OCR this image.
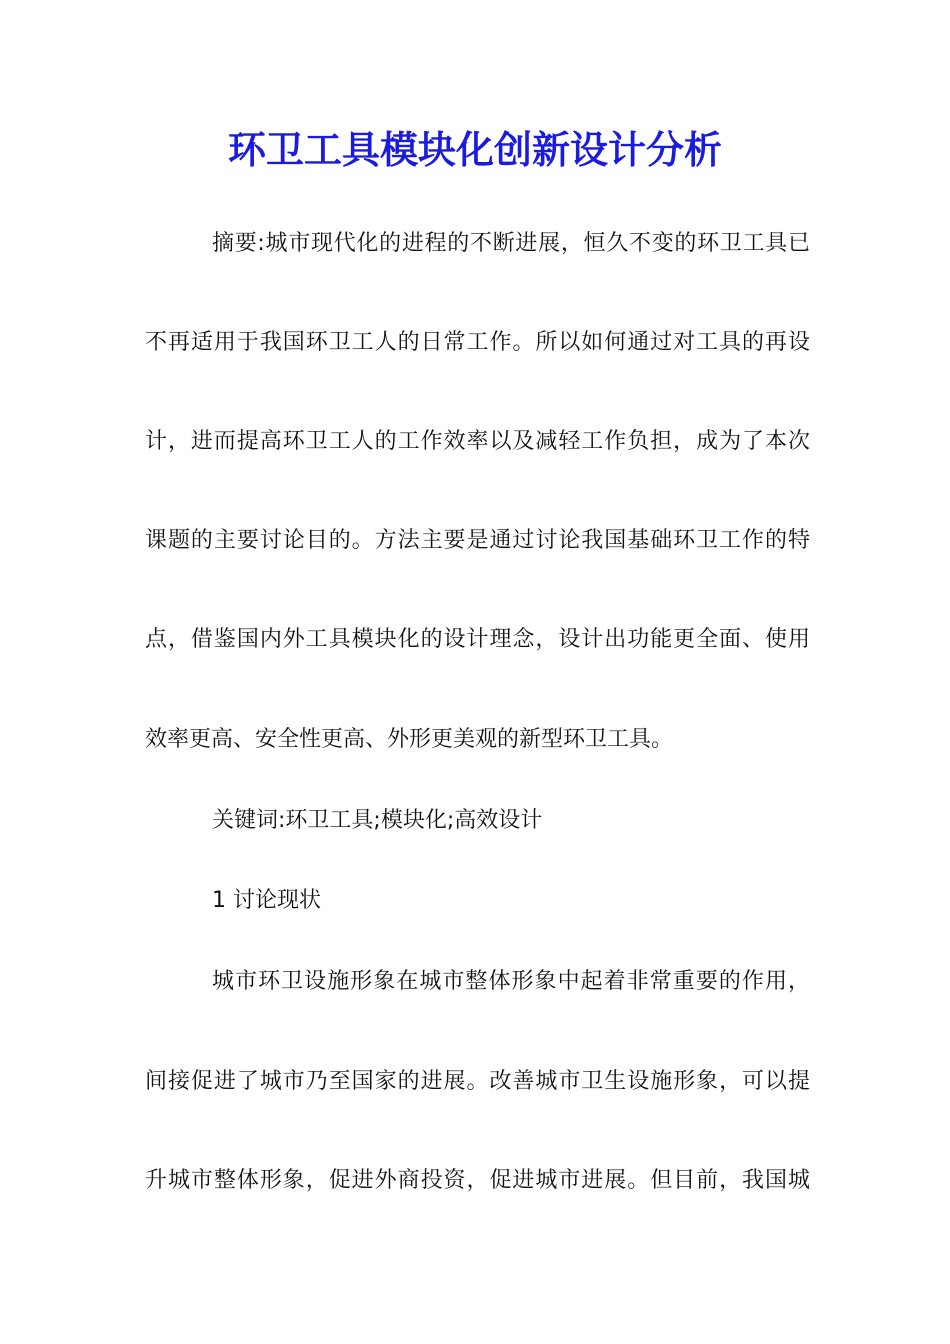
环卫工具模块化创新设计分析

摘要:城市现代化的进程的不断进展，恒久不变的环卫工具已

不再适用于我国环卫工人的日常工作。所以如何通过对工具的再设

计，进而提高环卫工人的工作效率以及减轻工作负担，成为了本次

课题的主要讨论目的。方法主要是通过讨论我国基础环卫工作的特

点，借鉴国内外工具模块化的设计理念，设计出功能更全面、使用

效率更高、安全性更高、外形更美观的新型环卫工具。

关键词:环卫工具;模块化;高效设计

1 讨论现状

城市环卫设施形象在城市整体形象中起着非常重要的作用，

间接促进了城市乃至国家的进展。改善城市卫生设施形象，可以提

升城市整体形象，促进外商投资，促进城市进展。但目前，我国城
